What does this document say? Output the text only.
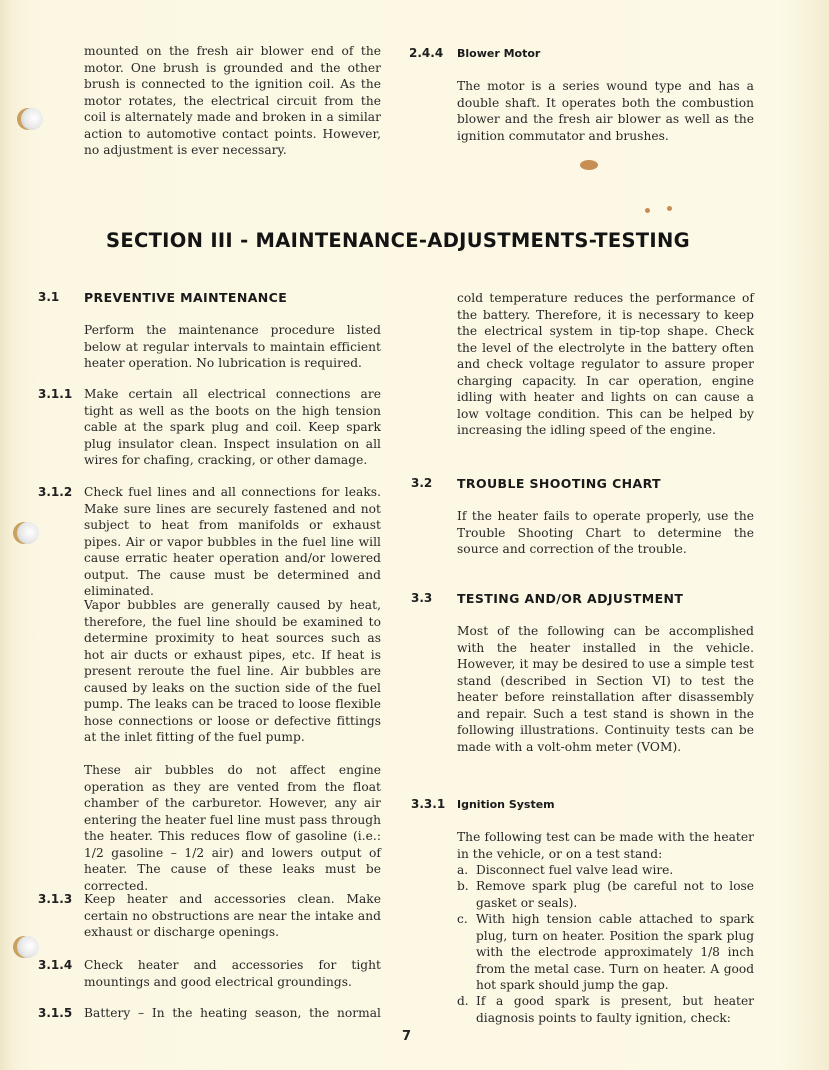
mounted on the fresh air blower end of the motor. One brush is grounded and the other brush is connected to the ignition coil. As the motor rotates, the electrical circuit from the coil is alternately made and broken in a similar action to automotive contact points. However, no adjustment is ever necessary.
2.4.4 Blower Motor
The motor is a series wound type and has a double shaft. It operates both the combustion blower and the fresh air blower as well as the ignition commutator and brushes.
SECTION III - MAINTENANCE-ADJUSTMENTS-TESTING
3.1 PREVENTIVE MAINTENANCE
Perform the maintenance procedure listed below at regular intervals to maintain efficient heater operation. No lubrication is required.
3.1.1 Make certain all electrical connections are tight as well as the boots on the high tension cable at the spark plug and coil. Keep spark plug insulator clean. Inspect insulation on all wires for chafing, cracking, or other damage.
3.1.2 Check fuel lines and all connections for leaks. Make sure lines are securely fastened and not subject to heat from manifolds or exhaust pipes. Air or vapor bubbles in the fuel line will cause erratic heater operation and/or lowered output. The cause must be determined and eliminated.
Vapor bubbles are generally caused by heat, therefore, the fuel line should be examined to determine proximity to heat sources such as hot air ducts or exhaust pipes, etc. If heat is present reroute the fuel line. Air bubbles are caused by leaks on the suction side of the fuel pump. The leaks can be traced to loose flexible hose connections or loose or defective fittings at the inlet fitting of the fuel pump.
These air bubbles do not affect engine operation as they are vented from the float chamber of the carburetor. However, any air entering the heater fuel line must pass through the heater. This reduces flow of gasoline (i.e.: 1/2 gasoline – 1/2 air) and lowers output of heater. The cause of these leaks must be corrected.
3.1.3 Keep heater and accessories clean. Make certain no obstructions are near the intake and exhaust or discharge openings.
3.1.4 Check heater and accessories for tight mountings and good electrical groundings.
3.1.5 Battery – In the heating season, the normal
cold temperature reduces the performance of the battery. Therefore, it is necessary to keep the electrical system in tip-top shape. Check the level of the electrolyte in the battery often and check voltage regulator to assure proper charging capacity. In car operation, engine idling with heater and lights on can cause a low voltage condition. This can be helped by increasing the idling speed of the engine.
3.2 TROUBLE SHOOTING CHART
If the heater fails to operate properly, use the Trouble Shooting Chart to determine the source and correction of the trouble.
3.3 TESTING AND/OR ADJUSTMENT
Most of the following can be accomplished with the heater installed in the vehicle. However, it may be desired to use a simple test stand (described in Section VI) to test the heater before reinstallation after disassembly and repair. Such a test stand is shown in the following illustrations. Continuity tests can be made with a volt-ohm meter (VOM).
3.3.1 Ignition System
The following test can be made with the heater in the vehicle, or on a test stand:
a. Disconnect fuel valve lead wire.
b. Remove spark plug (be careful not to lose gasket or seals).
c. With high tension cable attached to spark plug, turn on heater. Position the spark plug with the electrode approximately 1/8 inch from the metal case. Turn on heater. A good hot spark should jump the gap.
d. If a good spark is present, but heater diagnosis points to faulty ignition, check:
7
